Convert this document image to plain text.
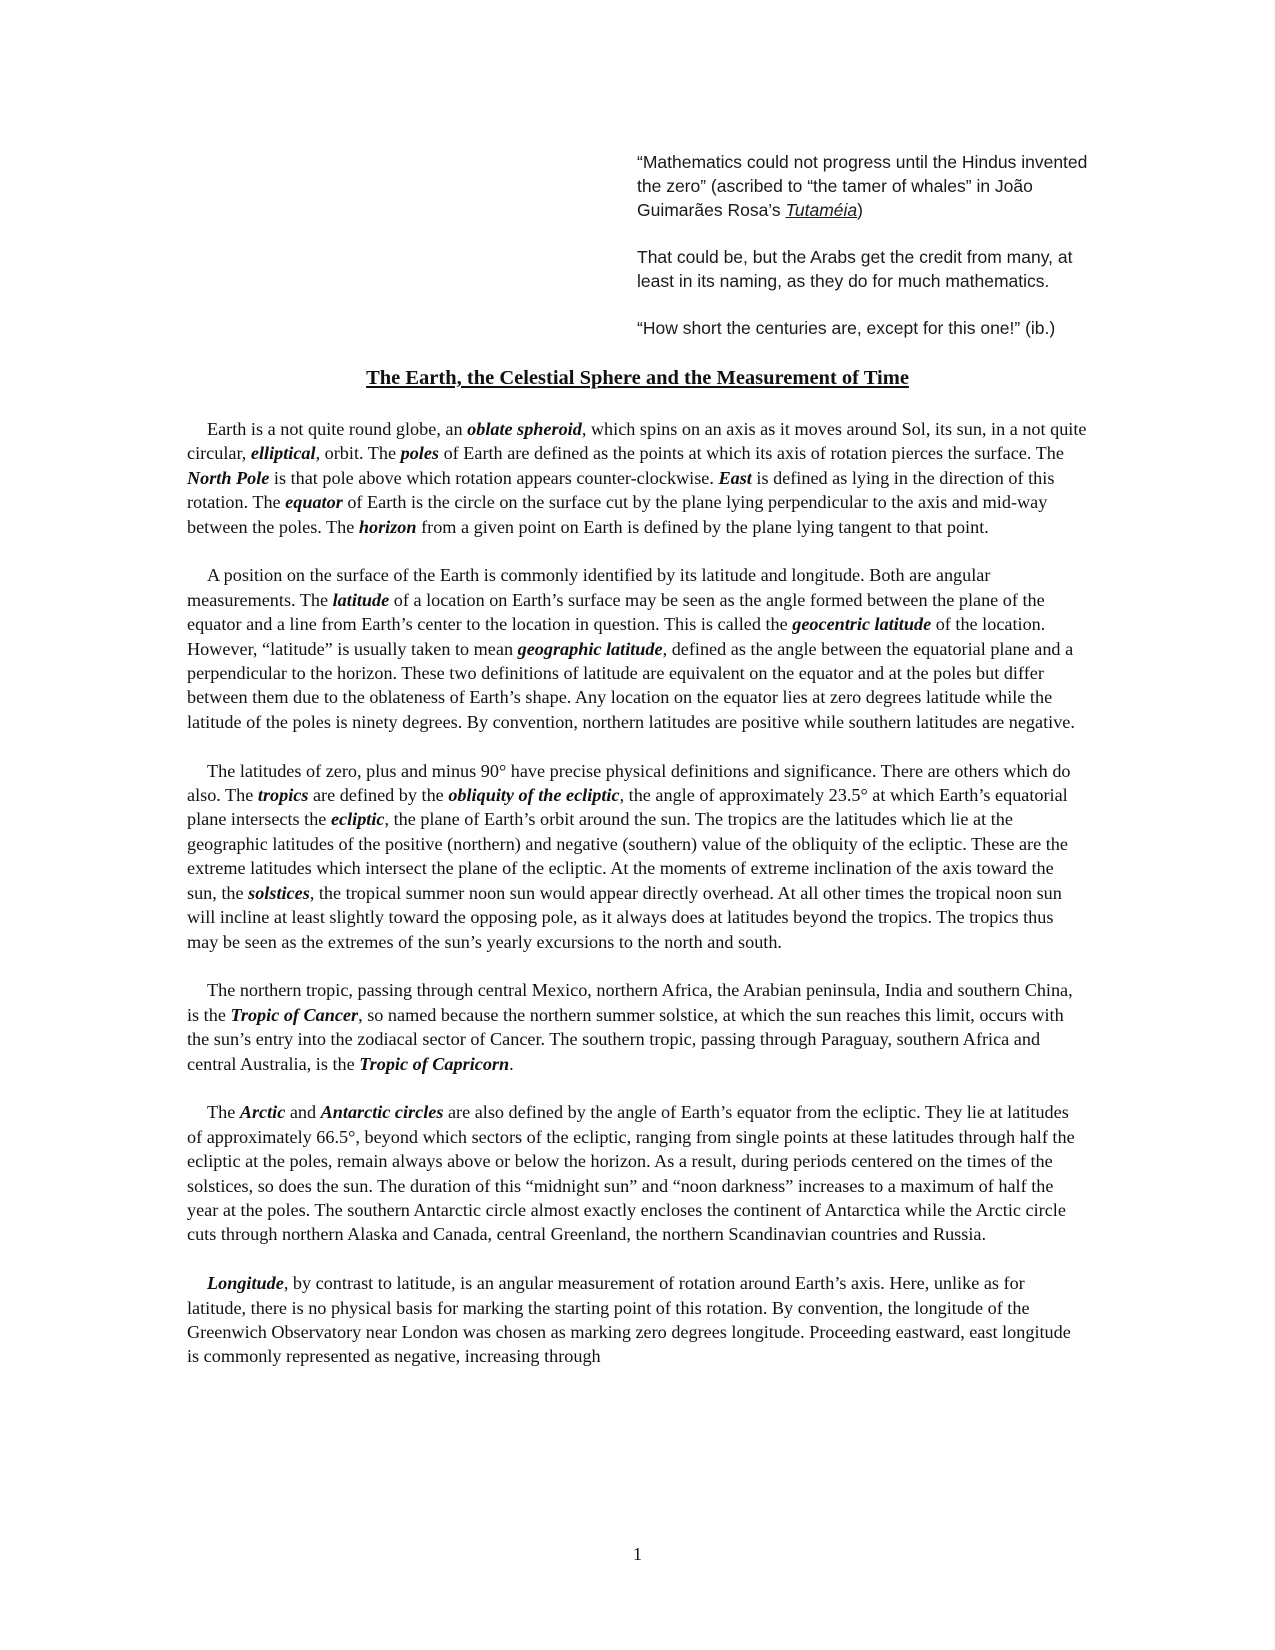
“Mathematics could not progress until the Hindus invented the zero” (ascribed to “the tamer of whales” in João Guimarães Rosa’s Tutaméia)

That could be, but the Arabs get the credit from many, at least in its naming, as they do for much mathematics.

“How short the centuries are, except for this one!” (ib.)

The Earth, the Celestial Sphere and the Measurement of Time

Earth is a not quite round globe, an oblate spheroid, which spins on an axis as it moves around Sol, its sun, in a not quite circular, elliptical, orbit. The poles of Earth are defined as the points at which its axis of rotation pierces the surface. The North Pole is that pole above which rotation appears counter-clockwise. East is defined as lying in the direction of this rotation. The equator of Earth is the circle on the surface cut by the plane lying perpendicular to the axis and mid-way between the poles. The horizon from a given point on Earth is defined by the plane lying tangent to that point.

A position on the surface of the Earth is commonly identified by its latitude and longitude. Both are angular measurements. The latitude of a location on Earth’s surface may be seen as the angle formed between the plane of the equator and a line from Earth’s center to the location in question. This is called the geocentric latitude of the location. However, “latitude” is usually taken to mean geographic latitude, defined as the angle between the equatorial plane and a perpendicular to the horizon. These two definitions of latitude are equivalent on the equator and at the poles but differ between them due to the oblateness of Earth’s shape. Any location on the equator lies at zero degrees latitude while the latitude of the poles is ninety degrees. By convention, northern latitudes are positive while southern latitudes are negative.

The latitudes of zero, plus and minus 90° have precise physical definitions and significance. There are others which do also. The tropics are defined by the obliquity of the ecliptic, the angle of approximately 23.5° at which Earth’s equatorial plane intersects the ecliptic, the plane of Earth’s orbit around the sun. The tropics are the latitudes which lie at the geographic latitudes of the positive (northern) and negative (southern) value of the obliquity of the ecliptic. These are the extreme latitudes which intersect the plane of the ecliptic. At the moments of extreme inclination of the axis toward the sun, the solstices, the tropical summer noon sun would appear directly overhead. At all other times the tropical noon sun will incline at least slightly toward the opposing pole, as it always does at latitudes beyond the tropics. The tropics thus may be seen as the extremes of the sun’s yearly excursions to the north and south.

The northern tropic, passing through central Mexico, northern Africa, the Arabian peninsula, India and southern China, is the Tropic of Cancer, so named because the northern summer solstice, at which the sun reaches this limit, occurs with the sun’s entry into the zodiacal sector of Cancer. The southern tropic, passing through Paraguay, southern Africa and central Australia, is the Tropic of Capricorn.

The Arctic and Antarctic circles are also defined by the angle of Earth’s equator from the ecliptic. They lie at latitudes of approximately 66.5°, beyond which sectors of the ecliptic, ranging from single points at these latitudes through half the ecliptic at the poles, remain always above or below the horizon. As a result, during periods centered on the times of the solstices, so does the sun. The duration of this “midnight sun” and “noon darkness” increases to a maximum of half the year at the poles. The southern Antarctic circle almost exactly encloses the continent of Antarctica while the Arctic circle cuts through northern Alaska and Canada, central Greenland, the northern Scandinavian countries and Russia.

Longitude, by contrast to latitude, is an angular measurement of rotation around Earth’s axis. Here, unlike as for latitude, there is no physical basis for marking the starting point of this rotation. By convention, the longitude of the Greenwich Observatory near London was chosen as marking zero degrees longitude. Proceeding eastward, east longitude is commonly represented as negative, increasing through

1
